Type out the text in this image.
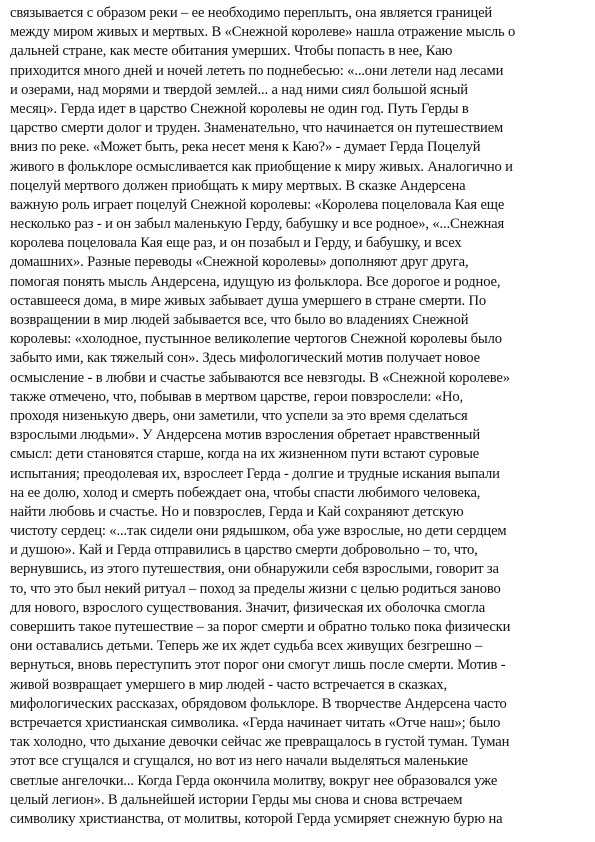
связывается с образом реки – ее необходимо переплыть, она является границей
между миром живых и мертвых. В «Снежной королеве» нашла отражение мысль о
дальней стране, как месте обитания умерших. Чтобы попасть в нее, Каю
приходится много дней и ночей лететь по поднебесью: «...они летели над лесами
и озерами, над морями и твердой землей... а над ними сиял большой ясный
месяц». Герда идет в царство Снежной королевы не один год. Путь Герды в
царство смерти долог и труден. Знаменательно, что начинается он путешествием
вниз по реке. «Может быть, река несет меня к Каю?» - думает Герда Поцелуй
живого в фольклоре осмысливается как приобщение к миру живых. Аналогично и
поцелуй мертвого должен приобщать к миру мертвых. В сказке Андерсена
важную роль играет поцелуй Снежной королевы: «Королева поцеловала Кая еще
несколько раз - и он забыл маленькую Герду, бабушку и все родное», «...Снежная
королева поцеловала Кая еще раз, и он позабыл и Герду, и бабушку, и всех
домашних». Разные переводы «Снежной королевы» дополняют друг друга,
помогая понять мысль Андерсена, идущую из фольклора. Все дорогое и родное,
оставшееся дома, в мире живых забывает душа умершего в стране смерти. По
возвращении в мир людей забывается все, что было во владениях Снежной
королевы: «холодное, пустынное великолепие чертогов Снежной королевы было
забыто ими, как тяжелый сон». Здесь мифологический мотив получает новое
осмысление - в любви и счастье забываются все невзгоды. В «Снежной королеве»
также отмечено, что, побывав в мертвом царстве, герои повзрослели: «Но,
проходя низенькую дверь, они заметили, что успели за это время сделаться
взрослыми людьми». У Андерсена мотив взросления обретает нравственный
смысл: дети становятся старше, когда на их жизненном пути встают суровые
испытания; преодолевая их, взрослеет Герда - долгие и трудные искания выпали
на ее долю, холод и смерть побеждает она, чтобы спасти любимого человека,
найти любовь и счастье. Но и повзрослев, Герда и Кай сохраняют детскую
чистоту сердец: «...так сидели они рядышком, оба уже взрослые, но дети сердцем
и душою». Кай и Герда отправились в царство смерти добровольно – то, что,
вернувшись, из этого путешествия, они обнаружили себя взрослыми, говорит за
то, что это был некий ритуал – поход за пределы жизни с целью родиться заново
для нового, взрослого существования. Значит, физическая их оболочка смогла
совершить такое путешествие – за порог смерти и обратно только пока физически
они оставались детьми. Теперь же их ждет судьба всех живущих безгрешно –
вернуться, вновь переступить этот порог они смогут лишь после смерти. Мотив -
живой возвращает умершего в мир людей - часто встречается в сказках,
мифологических рассказах, обрядовом фольклоре. В творчестве Андерсена часто
встречается христианская символика. «Герда начинает читать «Отче наш»; было
так холодно, что дыхание девочки сейчас же превращалось в густой туман. Туман
этот все сгущался и сгущался, но вот из него начали выделяться маленькие
светлые ангелочки... Когда Герда окончила молитву, вокруг нее образовался уже
целый легион». В дальнейшей истории Герды мы снова и снова встречаем
символику христианства, от молитвы, которой Герда усмиряет снежную бурю на
